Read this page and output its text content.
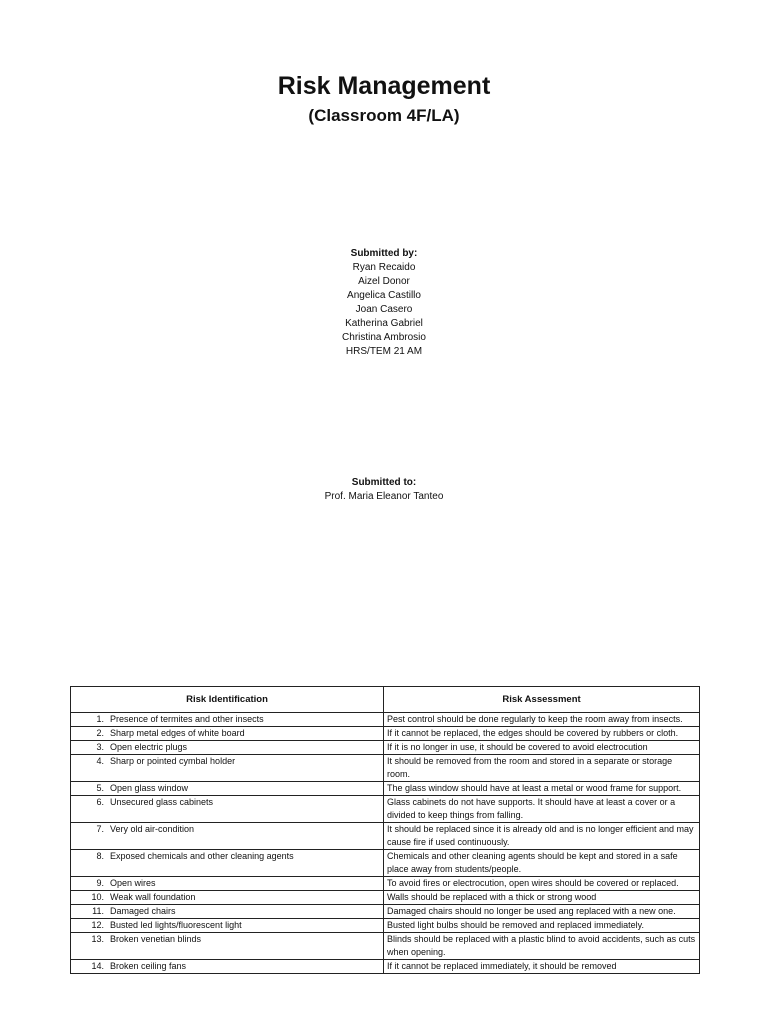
Risk Management
(Classroom 4F/LA)
Submitted by:
Ryan Recaido
Aizel Donor
Angelica Castillo
Joan Casero
Katherina Gabriel
Christina Ambrosio
HRS/TEM 21 AM
Submitted to:
Prof. Maria Eleanor Tanteo
Risk Identification	Risk Assessment
1. Presence of termites and other insects	Pest control should be done regularly to keep the room away from insects.
2. Sharp metal edges of white board	If it cannot be replaced, the edges should be covered by rubbers or cloth.
3. Open electric plugs	If it is no longer in use, it should be covered to avoid electrocution
4. Sharp or pointed cymbal holder	It should be removed from the room and stored in a separate or storage room.
5. Open glass window	The glass window should have at least a metal or wood frame for support.
6. Unsecured glass cabinets	Glass cabinets do not have supports. It should have at least a cover or a divided to keep things from falling.
7. Very old air-condition	It should be replaced since it is already old and is no longer efficient and may cause fire if used continuously.
8. Exposed chemicals and other cleaning agents	Chemicals and other cleaning agents should be kept and stored in a safe place away from students/people.
9. Open wires	To avoid fires or electrocution, open wires should be covered or replaced.
10. Weak wall foundation	Walls should be replaced with a thick or strong wood
11. Damaged chairs	Damaged chairs should no longer be used ang replaced with a new one.
12. Busted led lights/fluorescent light	Busted light bulbs should be removed and replaced immediately.
13. Broken venetian blinds	Blinds should be replaced with a plastic blind to avoid accidents, such as cuts when opening.
14. Broken ceiling fans	If it cannot be replaced immediately, it should be removed
